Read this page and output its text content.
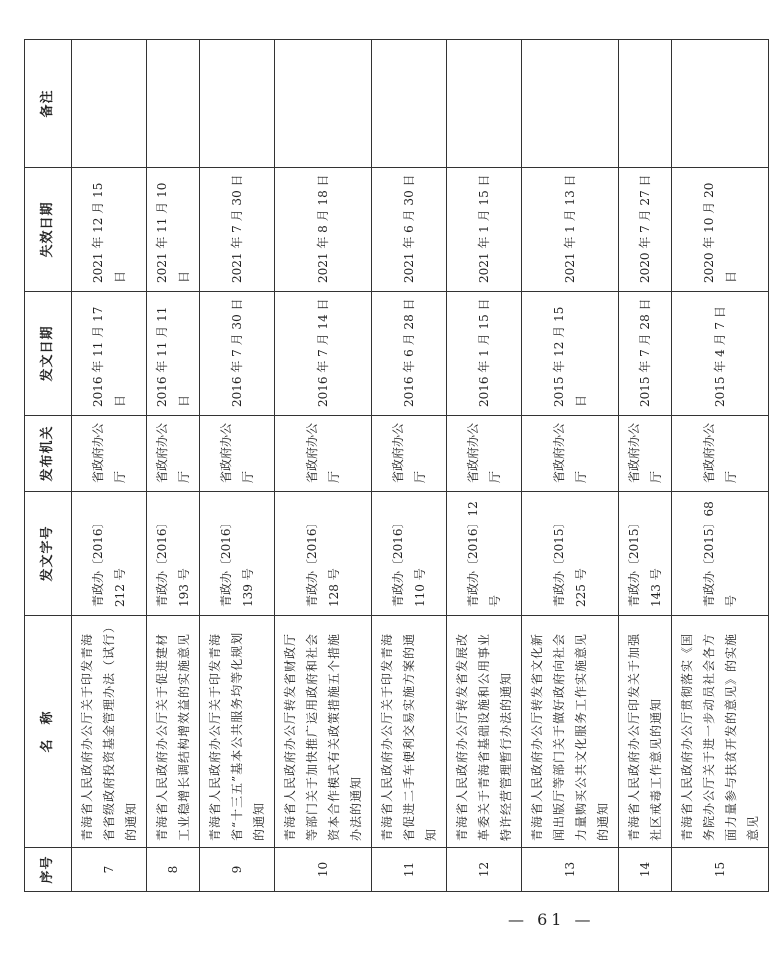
序号	名　称	发文字号	发布机关	发文日期	失效日期	备注
7	青海省人民政府办公厅关于印发青海省省级政府投资基金管理办法（试行）的通知	青政办〔2016〕212 号	省政府办公厅	2016 年 11 月 17 日	2021 年 12 月 15 日	
8	青海省人民政府办公厅关于促进建材工业稳增长调结构增效益的实施意见	青政办〔2016〕193 号	省政府办公厅	2016 年 11 月 11 日	2021 年 11 月 10 日	
9	青海省人民政府办公厅关于印发青海省“十三五”基本公共服务均等化规划的通知	青政办〔2016〕139 号	省政府办公厅	2016 年 7 月 30 日	2021 年 7 月 30 日	
10	青海省人民政府办公厅转发省财政厅等部门关于加快推广运用政府和社会资本合作模式有关政策措施五个措施办法的通知	青政办〔2016〕128 号	省政府办公厅	2016 年 7 月 14 日	2021 年 8 月 18 日	
11	青海省人民政府办公厅关于印发青海省促进二手车便利交易实施方案的通知	青政办〔2016〕110 号	省政府办公厅	2016 年 6 月 28 日	2021 年 6 月 30 日	
12	青海省人民政府办公厅转发省发展改革委关于青海省基础设施和公用事业特许经营管理暂行办法的通知	青政办〔2016〕12 号	省政府办公厅	2016 年 1 月 15 日	2021 年 1 月 15 日	
13	青海省人民政府办公厅转发省文化新闻出版厅等部门关于做好政府向社会力量购买公共文化服务工作实施意见的通知	青政办〔2015〕225 号	省政府办公厅	2015 年 12 月 15 日	2021 年 1 月 13 日	
14	青海省人民政府办公厅印发关于加强社区戒毒工作意见的通知	青政办〔2015〕143 号	省政府办公厅	2015 年 7 月 28 日	2020 年 7 月 27 日	
15	青海省人民政府办公厅贯彻落实《国务院办公厅关于进一步动员社会各方面力量参与扶贫开发的意见》的实施意见	青政办〔2015〕68 号	省政府办公厅	2015 年 4 月 7 日	2020 年 10 月 20 日	
— 61 —
